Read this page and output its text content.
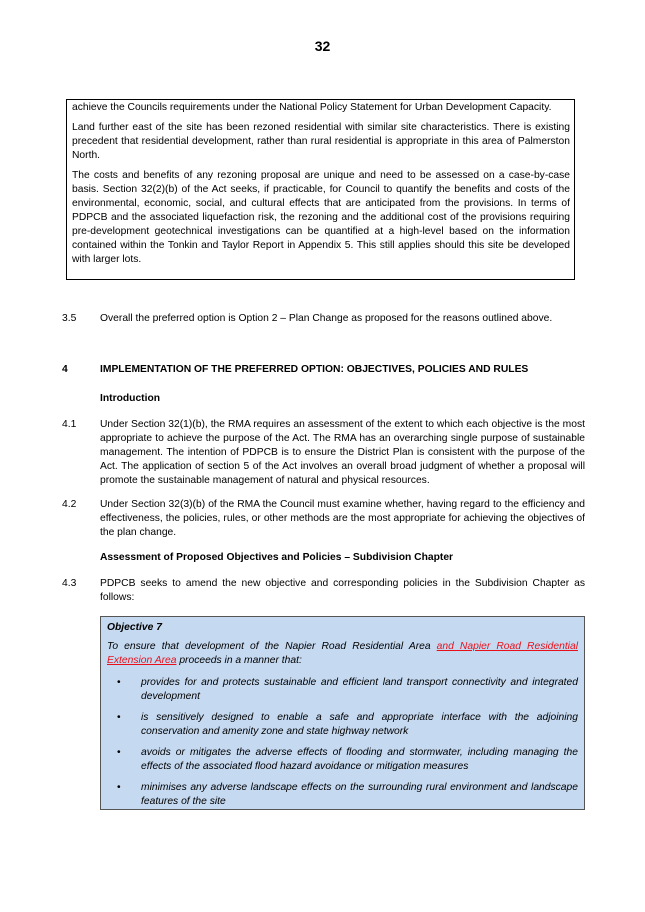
32

achieve the Councils requirements under the National Policy Statement for Urban Development Capacity.

Land further east of the site has been rezoned residential with similar site characteristics. There is existing precedent that residential development, rather than rural residential is appropriate in this area of Palmerston North.

The costs and benefits of any rezoning proposal are unique and need to be assessed on a case-by-case basis. Section 32(2)(b) of the Act seeks, if practicable, for Council to quantify the benefits and costs of the environmental, economic, social, and cultural effects that are anticipated from the provisions. In terms of PDPCB and the associated liquefaction risk, the rezoning and the additional cost of the provisions requiring pre-development geotechnical investigations can be quantified at a high-level based on the information contained within the Tonkin and Taylor Report in Appendix 5. This still applies should this site be developed with larger lots.

3.5 Overall the preferred option is Option 2 – Plan Change as proposed for the reasons outlined above.
4	IMPLEMENTATION OF THE PREFERRED OPTION: OBJECTIVES, POLICIES AND RULES
Introduction
4.1 Under Section 32(1)(b), the RMA requires an assessment of the extent to which each objective is the most appropriate to achieve the purpose of the Act. The RMA has an overarching single purpose of sustainable management. The intention of PDPCB is to ensure the District Plan is consistent with the purpose of the Act. The application of section 5 of the Act involves an overall broad judgment of whether a proposal will promote the sustainable management of natural and physical resources.
4.2 Under Section 32(3)(b) of the RMA the Council must examine whether, having regard to the efficiency and effectiveness, the policies, rules, or other methods are the most appropriate for achieving the objectives of the plan change.
Assessment of Proposed Objectives and Policies – Subdivision Chapter
4.3 PDPCB seeks to amend the new objective and corresponding policies in the Subdivision Chapter as follows:
Objective 7
To ensure that development of the Napier Road Residential Area and Napier Road Residential Extension Area proceeds in a manner that:
• provides for and protects sustainable and efficient land transport connectivity and integrated development
• is sensitively designed to enable a safe and appropriate interface with the adjoining conservation and amenity zone and state highway network
• avoids or mitigates the adverse effects of flooding and stormwater, including managing the effects of the associated flood hazard avoidance or mitigation measures
• minimises any adverse landscape effects on the surrounding rural environment and landscape features of the site
